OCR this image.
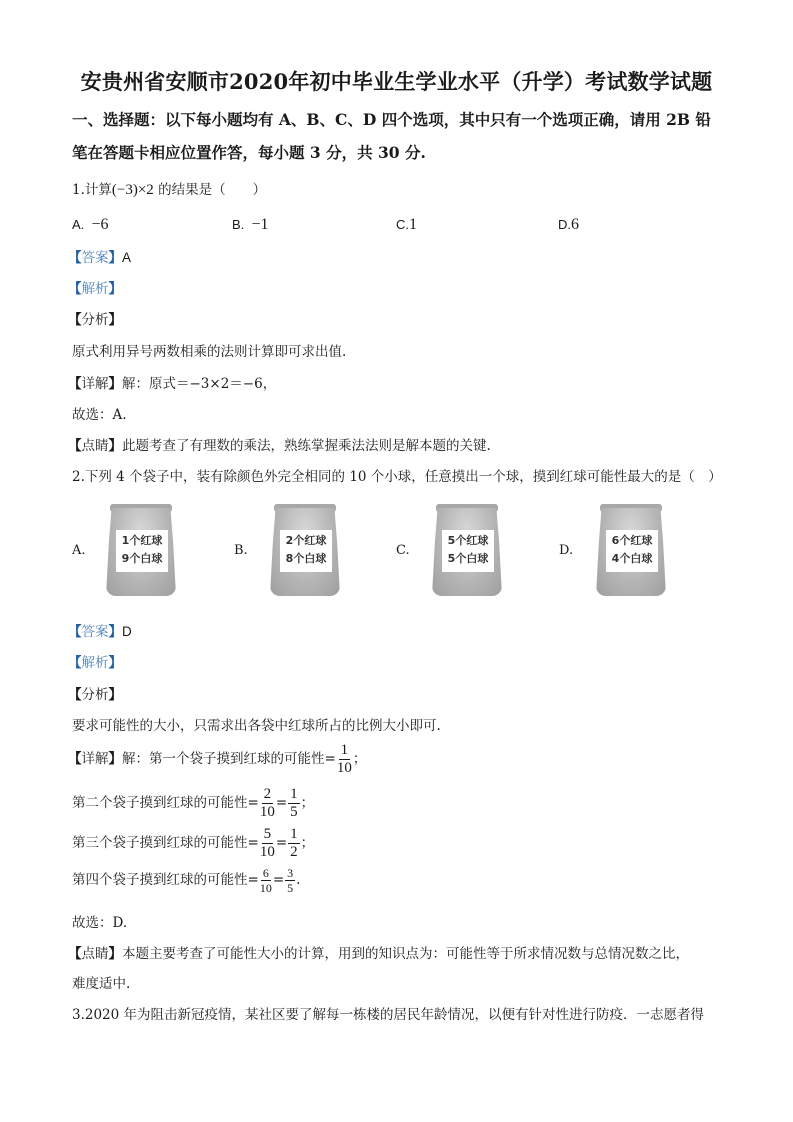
安贵州省安顺市2020年初中毕业生学业水平（升学）考试数学试题
一、选择题：以下每小题均有 A、B、C、D 四个选项，其中只有一个选项正确，请用 2B 铅
笔在答题卡相应位置作答，每小题 3 分，共 30 分.
1.计算(−3)×2 的结果是（　　）
A. −6	B. −1	C.1	D.6
【答案】A
【解析】
【分析】
原式利用异号两数相乘的法则计算即可求出值.
【详解】解：原式＝−3×2＝−6，
故选：A.
【点睛】此题考查了有理数的乘法，熟练掌握乘法法则是解本题的关键.
2.下列 4 个袋子中，装有除颜色外完全相同的 10 个小球，任意摸出一个球，摸到红球可能性最大的是（　）
A.
1个红球
9个白球
B.
2个红球
8个白球
C.
5个红球
5个白球
D.
6个红球
4个白球
【答案】D
【解析】
【分析】
要求可能性的大小，只需求出各袋中红球所占的比例大小即可.
【详解】解：第一个袋子摸到红球的可能性= $\frac{1}{10}$ ；
第二个袋子摸到红球的可能性= $\frac{2}{10} = \frac{1}{5}$ ；
第三个袋子摸到红球的可能性= $\frac{5}{10} = \frac{1}{2}$ ；
第四个袋子摸到红球的可能性= $\frac{6}{10} = \frac{3}{5}$ .
故选：D.
【点睛】本题主要考查了可能性大小的计算，用到的知识点为：可能性等于所求情况数与总情况数之比，
难度适中.
3.2020 年为阻击新冠疫情，某社区要了解每一栋楼的居民年龄情况，以便有针对性进行防疫．一志愿者得
